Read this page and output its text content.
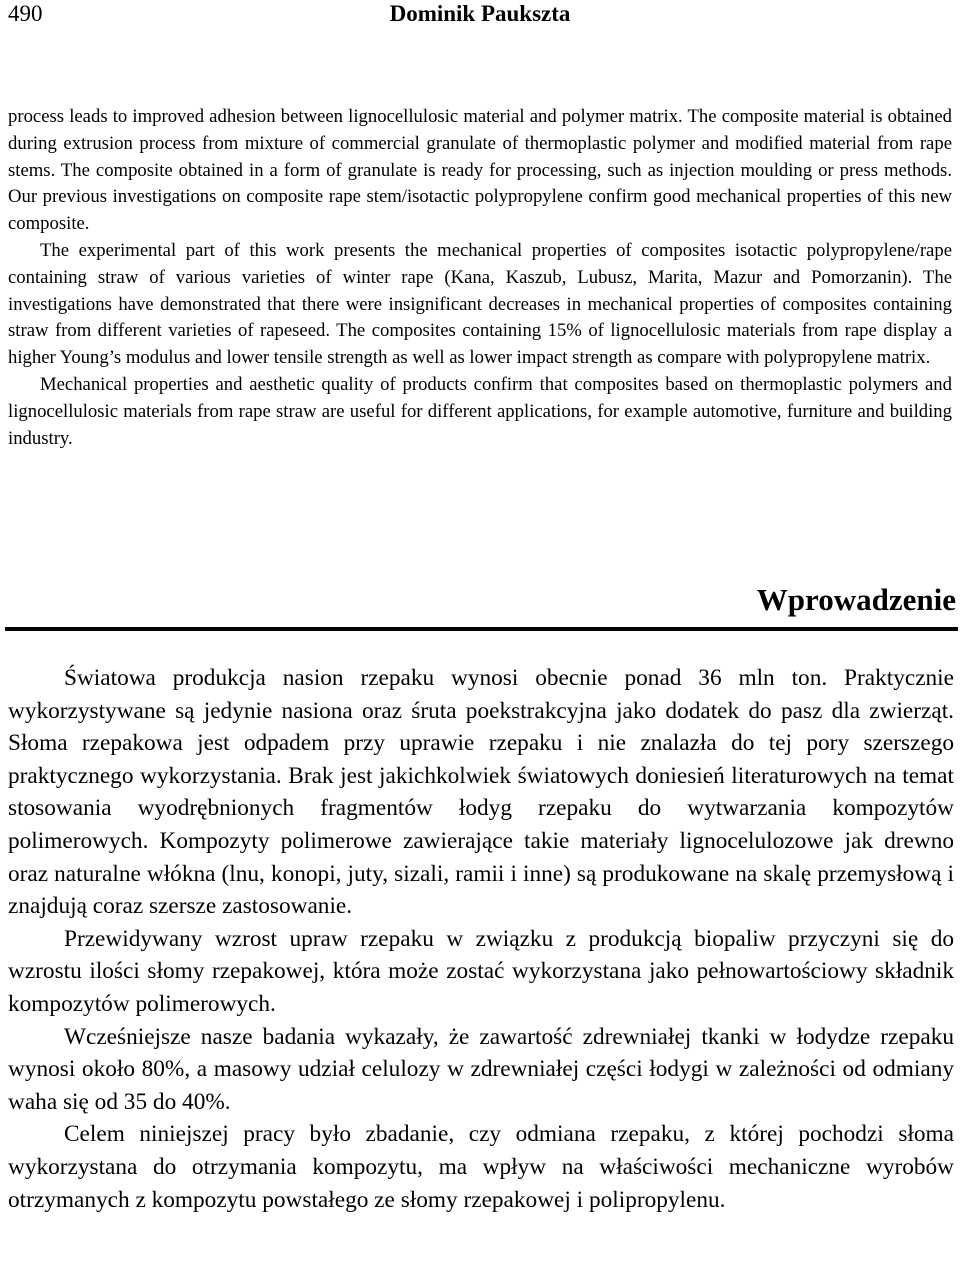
490	Dominik Paukszta

process leads to improved adhesion between lignocellulosic material and polymer matrix. The composite material is obtained during extrusion process from mixture of commercial granulate of thermoplastic polymer and modified material from rape stems. The composite obtained in a form of granulate is ready for processing, such as injection moulding or press methods. Our previous investigations on composite rape stem/isotactic polypropylene confirm good mechanical properties of this new composite.

The experimental part of this work presents the mechanical properties of composites isotactic polypropylene/rape containing straw of various varieties of winter rape (Kana, Kaszub, Lubusz, Marita, Mazur and Pomorzanin). The investigations have demonstrated that there were insignificant decreases in mechanical properties of composites containing straw from different varieties of rapeseed. The composites containing 15% of lignocellulosic materials from rape display a higher Young’s modulus and lower tensile strength as well as lower impact strength as compare with polypropylene matrix.

Mechanical properties and aesthetic quality of products confirm that composites based on thermoplastic polymers and lignocellulosic materials from rape straw are useful for different applications, for example automotive, furniture and building industry.

Wprowadzenie

Światowa produkcja nasion rzepaku wynosi obecnie ponad 36 mln ton. Praktycznie wykorzystywane są jedynie nasiona oraz śruta poekstrakcyjna jako dodatek do pasz dla zwierząt. Słoma rzepakowa jest odpadem przy uprawie rzepaku i nie znalazła do tej pory szerszego praktycznego wykorzystania. Brak jest jakichkolwiek światowych doniesień literaturowych na temat stosowania wyodrębnionych fragmentów łodyg rzepaku do wytwarzania kompozytów polimerowych. Kompozyty polimerowe zawierające takie materiały lignocelulozowe jak drewno oraz naturalne włókna (lnu, konopi, juty, sizali, ramii i inne) są produkowane na skalę przemysłową i znajdują coraz szersze zastosowanie.

Przewidywany wzrost upraw rzepaku w związku z produkcją biopaliw przyczyni się do wzrostu ilości słomy rzepakowej, która może zostać wykorzystana jako pełnowartościowy składnik kompozytów polimerowych.

Wcześniejsze nasze badania wykazały, że zawartość zdrewniałej tkanki w łodydze rzepaku wynosi około 80%, a masowy udział celulozy w zdrewniałej części łodygi w zależności od odmiany waha się od 35 do 40%.

Celem niniejszej pracy było zbadanie, czy odmiana rzepaku, z której pochodzi słoma wykorzystana do otrzymania kompozytu, ma wpływ na właściwości mechaniczne wyrobów otrzymanych z kompozytu powstałego ze słomy rzepakowej i polipropylenu.
